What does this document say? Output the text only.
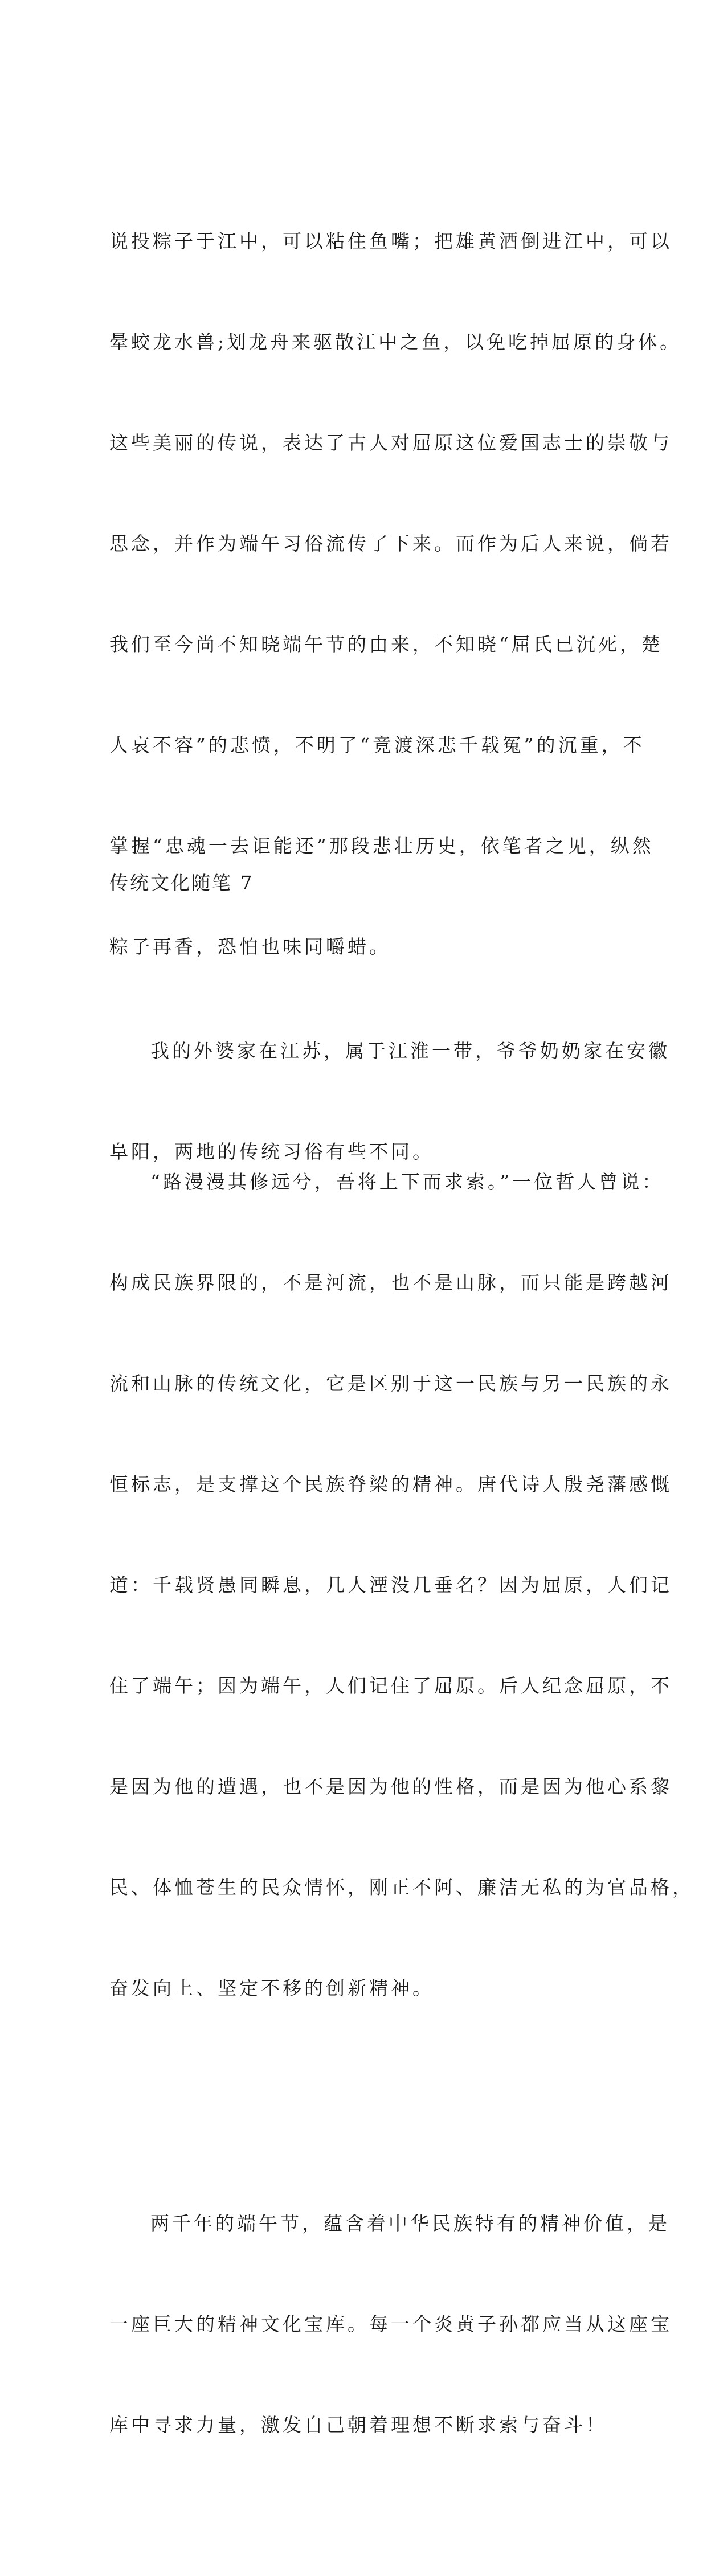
说投粽子于江中，可以粘住鱼嘴；把雄黄酒倒进江中，可以

晕蛟龙水兽;划龙舟来驱散江中之鱼，以免吃掉屈原的身体。

这些美丽的传说，表达了古人对屈原这位爱国志士的崇敬与

思念，并作为端午习俗流传了下来。而作为后人来说，倘若

我们至今尚不知晓端午节的由来，不知晓“屈氏已沉死，楚

人哀不容”的悲愤，不明了“竟渡深悲千载冤”的沉重，不

掌握“忠魂一去讵能还”那段悲壮历史，依笔者之见，纵然

粽子再香，恐怕也味同嚼蜡。

“路漫漫其修远兮，吾将上下而求索。”一位哲人曾说：

构成民族界限的，不是河流，也不是山脉，而只能是跨越河

流和山脉的传统文化，它是区别于这一民族与另一民族的永

恒标志，是支撑这个民族脊梁的精神。唐代诗人殷尧藩感慨

道：千载贤愚同瞬息，几人湮没几垂名？因为屈原，人们记

住了端午；因为端午，人们记住了屈原。后人纪念屈原，不

是因为他的遭遇，也不是因为他的性格，而是因为他心系黎

民、体恤苍生的民众情怀，刚正不阿、廉洁无私的为官品格，

奋发向上、坚定不移的创新精神。

两千年的端午节，蕴含着中华民族特有的精神价值，是

一座巨大的精神文化宝库。每一个炎黄子孙都应当从这座宝

库中寻求力量，激发自己朝着理想不断求索与奋斗！

传统文化随笔 7

我的外婆家在江苏，属于江淮一带，爷爷奶奶家在安徽

阜阳，两地的传统习俗有些不同。
